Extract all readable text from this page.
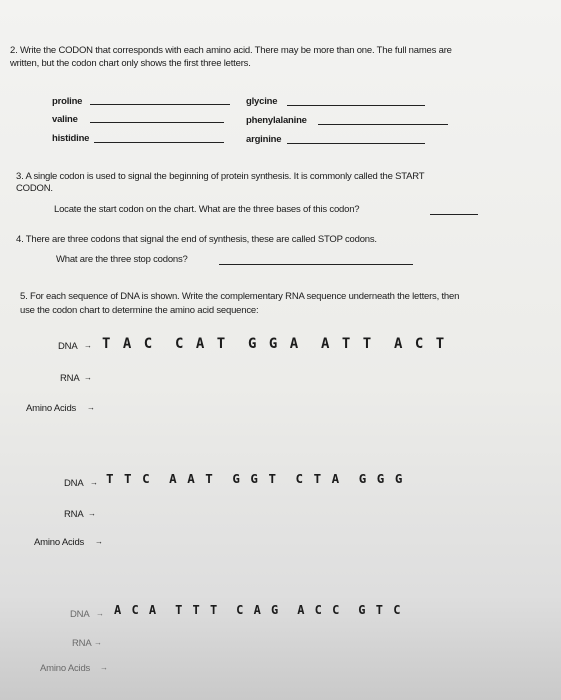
2. Write the CODON that corresponds with each amino acid. There may be more than one. The full names are
written, but the codon chart only shows the first three letters.
proline	glycine
valine	phenylalanine
histidine	arginine
3. A single codon is used to signal the beginning of protein synthesis. It is commonly called the START
CODON.
Locate the start codon on the chart. What are the three bases of this codon?
4. There are three codons that signal the end of synthesis, these are called STOP codons.
What are the three stop codons?
5. For each sequence of DNA is shown. Write the complementary RNA sequence underneath the letters, then
use the codon chart to determine the amino acid sequence:
DNA → T A C  C A T  G G A  A T T  A C T
RNA →
Amino Acids →
DNA → T T C  A A T  G G T  C T A  G G G
RNA →
Amino Acids →
DNA → A C A  T T T  C A G  A C C  G T C
RNA →
Amino Acids →
